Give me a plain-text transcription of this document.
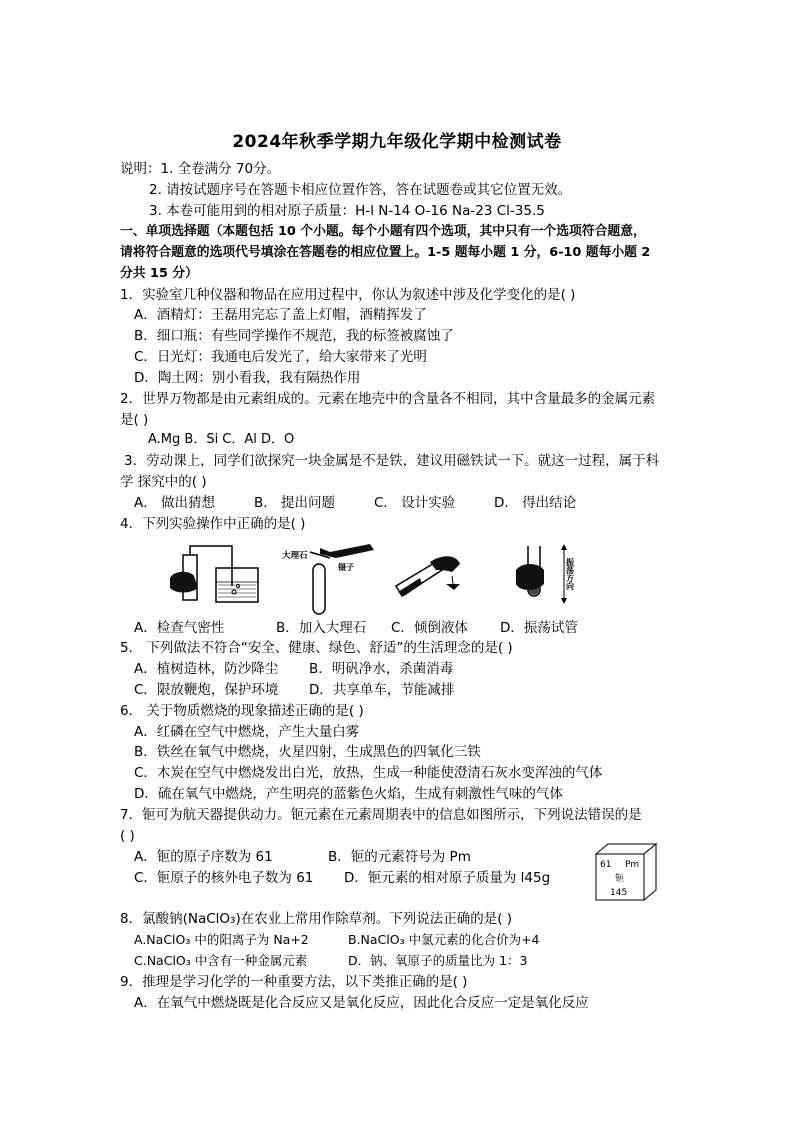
2024年秋季学期九年级化学期中检测试卷
说明：1. 全卷满分 70分。
2. 请按试题序号在答题卡相应位置作答，答在试题卷或其它位置无效。
3. 本卷可能用到的相对原子质量：H-l N-14 O-16 Na-23 Cl-35.5
一、单项选择题（本题包括 10 个小题。每个小题有四个选项，其中只有一个选项符合题意，
请将符合题意的选项代号填涂在答题卷的相应位置上。1-5 题每小题 1 分，6-10 题每小题 2
分共 15 分）
1．实验室几种仪器和物品在应用过程中，你认为叙述中涉及化学变化的是( )
A．酒精灯：王磊用完忘了盖上灯帽，酒精挥发了
B．细口瓶：有些同学操作不规范，我的标签被腐蚀了
C．日光灯：我通电后发光了，给大家带来了光明
D．陶土网：别小看我，我有隔热作用
2．世界万物都是由元素组成的。元素在地壳中的含量各不相同，其中含量最多的金属元素
是( )
A.Mg B．Si C．Al D．O
3．劳动课上，同学们欲探究一块金属是不是铁，建议用磁铁试一下。就这一过程，属于科
学 探究中的( )
A． 做出猜想	B． 提出问题	C． 设计实验	D． 得出结论
4．下列实验操作中正确的是( )
大理石
镊子	振荡方向
A．检查气密性	B．加入大理石 C．倾倒液体 D．振荡试管
5． 下列做法不符合“安全、健康、绿色、舒适”的生活理念的是( )
A．植树造林，防沙降尘 B．明矾净水，杀菌消毒
C．限放鞭炮，保护环境 D．共享单车，节能减排
6． 关于物质燃烧的现象描述正确的是( )
A．红磷在空气中燃烧，产生大量白雾
B．铁丝在氧气中燃烧，火星四射，生成黑色的四氧化三铁
C．木炭在空气中燃烧发出白光，放热，生成一种能使澄清石灰水变浑浊的气体
D．硫在氧气中燃烧，产生明亮的蓝紫色火焰，生成有刺激性气味的气体
7．钷可为航天器提供动力。钷元素在元素周期表中的信息如图所示，下列说法错误的是
( )
A．钷的原子序数为 61	B．钷的元素符号为 Pm
C．钷原子的核外电子数为 61 D．钷元素的相对原子质量为 l45g
61 Pm
钷
145
8．氯酸钠(NaClO₃)在农业上常用作除草剂。下列说法正确的是( )
A.NaClO₃ 中的阳离子为 Na+2	B.NaClO₃ 中氯元素的化合价为+4
C.NaClO₃ 中含有一种金属元素	D．钠、氧原子的质量比为 1：3
9．推理是学习化学的一种重要方法，以下类推正确的是( )
A．在氧气中燃烧既是化合反应又是氧化反应，因此化合反应一定是氧化反应
